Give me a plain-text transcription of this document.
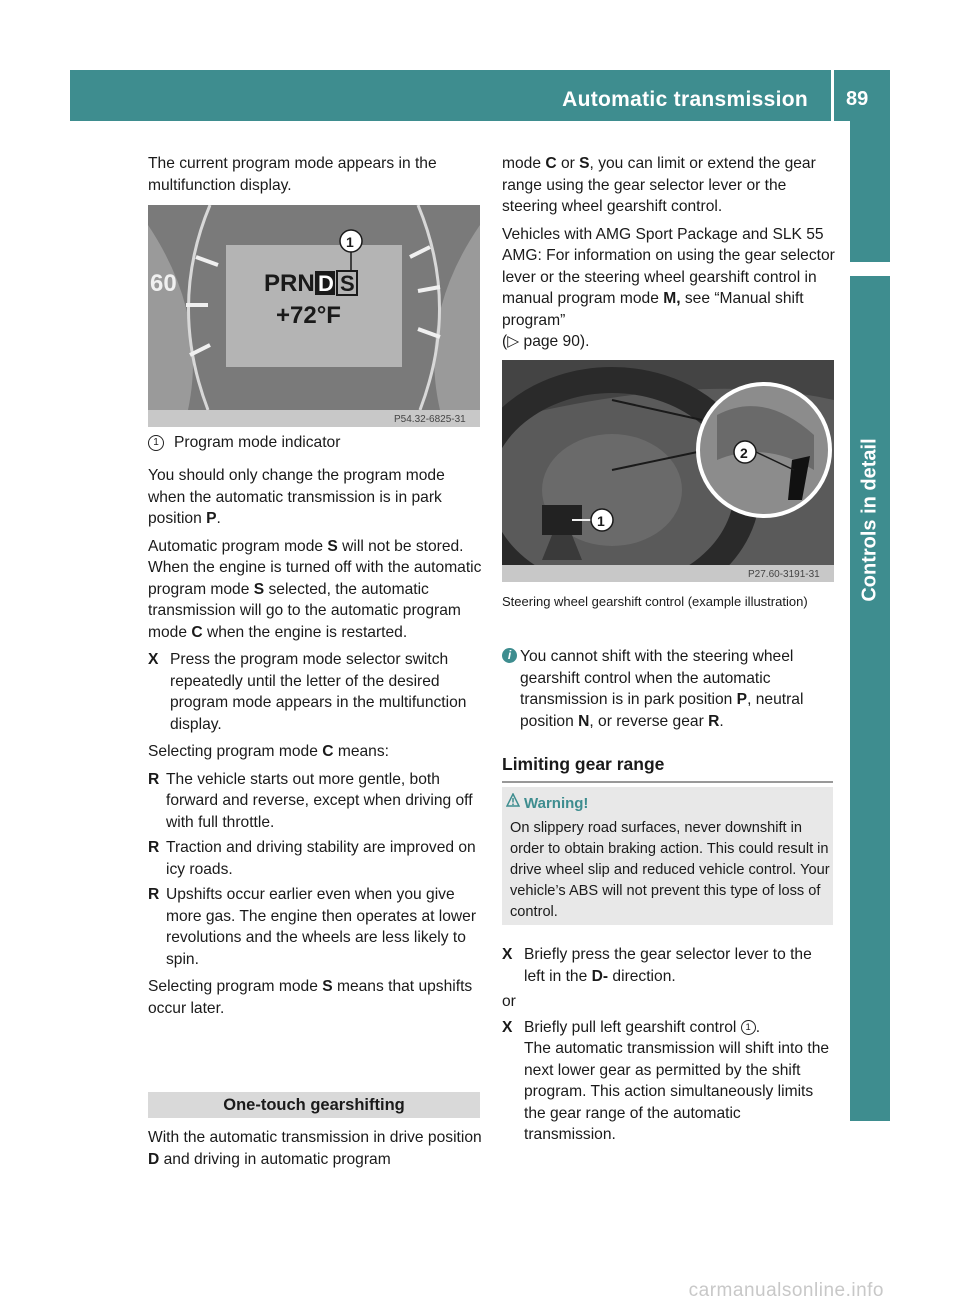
Automatic transmission 89
Controls in detail

The current program mode appears in the multifunction display.

60	PRN D S
1
+72°F
P54.32-6825-31
1 Program mode indicator

You should only change the program mode when the automatic transmission is in park position P.

Automatic program mode S will not be stored. When the engine is turned off with the automatic program mode S selected, the automatic transmission will go to the automatic program mode C when the engine is restarted.

X Press the program mode selector switch repeatedly until the letter of the desired program mode appears in the multifunction display.

Selecting program mode C means:

R The vehicle starts out more gentle, both forward and reverse, except when driving off with full throttle.
R Traction and driving stability are improved on icy roads.
R Upshifts occur earlier even when you give more gas. The engine then operates at lower revolutions and the wheels are less likely to spin.

Selecting program mode S means that upshifts occur later.

One-touch gearshifting
With the automatic transmission in drive position D and driving in automatic program

mode C or S, you can limit or extend the gear range using the gear selector lever or the steering wheel gearshift control.

Vehicles with AMG Sport Package and SLK 55 AMG: For information on using the gear selector lever or the steering wheel gearshift control in manual program mode M, see “Manual shift program”
(▷ page 90).

1
2
P27.60-3191-31
Steering wheel gearshift control (example illustration)
i You cannot shift with the steering wheel gearshift control when the automatic transmission is in park position P, neutral position N, or reverse gear R.
Limiting gear range
Warning!
On slippery road surfaces, never downshift in order to obtain braking action. This could result in drive wheel slip and reduced vehicle control. Your vehicle’s ABS will not prevent this type of loss of control.
X Briefly press the gear selector lever to the left in the D- direction.

or

X Briefly pull left gearshift control 1 .
The automatic transmission will shift into the next lower gear as permitted by the shift program. This action simultaneously limits the gear range of the automatic transmission.
carmanualsonline.info
